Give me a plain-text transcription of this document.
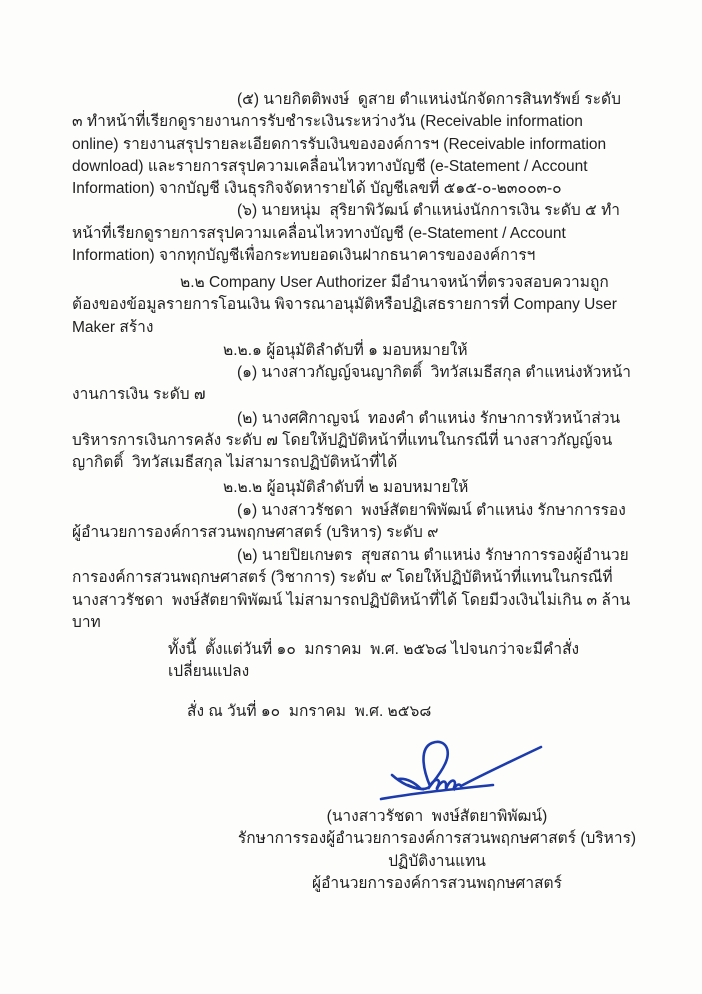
(๕) นายกิตติพงษ์  ดูสาย ตำแหน่งนักจัดการสินทรัพย์ ระดับ ๓ ทำหน้าที่เรียกดูรายงานการรับชำระเงินระหว่างวัน (Receivable information online) รายงานสรุปรายละเอียดการรับเงินขององค์การฯ (Receivable information download) และรายการสรุปความเคลื่อนไหวทางบัญชี (e-Statement / Account Information) จากบัญชี เงินธุรกิจจัดหารายได้ บัญชีเลขที่ ๕๑๕-๐-๒๓๐๐๓-๐

(๖) นายหนุ่ม  สุริยาพิวัฒน์ ตำแหน่งนักการเงิน ระดับ ๕ ทำหน้าที่เรียกดูรายการสรุปความเคลื่อนไหวทางบัญชี (e-Statement / Account Information) จากทุกบัญชีเพื่อกระทบยอดเงินฝากธนาคารขององค์การฯ

๒.๒ Company User Authorizer มีอำนาจหน้าที่ตรวจสอบความถูกต้องของข้อมูลรายการโอนเงิน พิจารณาอนุมัติหรือปฏิเสธรายการที่ Company User Maker สร้าง

๒.๒.๑ ผู้อนุมัติลำดับที่ ๑ มอบหมายให้

(๑) นางสาวกัญญ์จนญากิตติ์  วิทวัสเมธีสกุล ตำแหน่งหัวหน้างานการเงิน ระดับ ๗

(๒) นางศศิกาญจน์  ทองคำ ตำแหน่ง รักษาการหัวหน้าส่วนบริหารการเงินการคลัง ระดับ ๗ โดยให้ปฏิบัติหน้าที่แทนในกรณีที่ นางสาวกัญญ์จนญากิตติ์  วิทวัสเมธีสกุล ไม่สามารถปฏิบัติหน้าที่ได้

๒.๒.๒ ผู้อนุมัติลำดับที่ ๒ มอบหมายให้

(๑) นางสาวรัชดา  พงษ์สัตยาพิพัฒน์ ตำแหน่ง รักษาการรองผู้อำนวยการองค์การสวนพฤกษศาสตร์ (บริหาร) ระดับ ๙

(๒) นายปิยเกษตร  สุขสถาน ตำแหน่ง รักษาการรองผู้อำนวยการองค์การสวนพฤกษศาสตร์ (วิชาการ) ระดับ ๙ โดยให้ปฏิบัติหน้าที่แทนในกรณีที่ นางสาวรัชดา  พงษ์สัตยาพิพัฒน์ ไม่สามารถปฏิบัติหน้าที่ได้ โดยมีวงเงินไม่เกิน ๓ ล้านบาท

ทั้งนี้  ตั้งแต่วันที่ ๑๐  มกราคม  พ.ศ. ๒๕๖๘ ไปจนกว่าจะมีคำสั่งเปลี่ยนแปลง

สั่ง ณ วันที่ ๑๐  มกราคม  พ.ศ. ๒๕๖๘

(นางสาวรัชดา  พงษ์สัตยาพิพัฒน์)
รักษาการรองผู้อำนวยการองค์การสวนพฤกษศาสตร์ (บริหาร) ปฏิบัติงานแทน
ผู้อำนวยการองค์การสวนพฤกษศาสตร์
